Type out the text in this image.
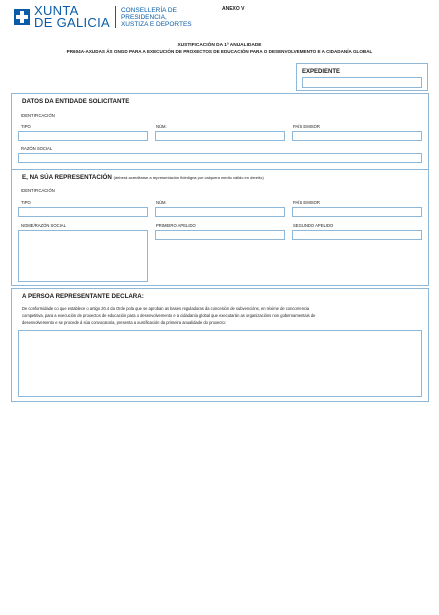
XUNTA
DE GALICIA
CONSELLERÍA DE
PRESIDENCIA,
XUSTIZA E DEPORTES
ANEXO V
XUSTIFICACIÓN DA 1ª ANUALIDADE
PR604A-AXUDAS ÁS ONGD PARA A EXECUCIÓN DE PROXECTOS DE EDUCACIÓN PARA O DESENVOLVEMENTO E A CIDADANÍA GLOBAL
EXPEDIENTE
DATOS DA ENTIDADE SOLICITANTE
IDENTIFICACIÓN
TIPO	NÚM.	PAÍS EMISOR
RAZÓN SOCIAL
E, NA SÚA REPRESENTACIÓN (deberá acreditarse a representación fidedigna por calquera medio válido en dereito)
IDENTIFICACIÓN
TIPO	NÚM.	PAÍS EMISOR
NOME/RAZÓN SOCIAL	PRIMEIRO APELIDO	SEGUNDO APELIDO
A PERSOA REPRESENTANTE DECLARA:
De conformidade co que establece o artigo 20.4 da Orde pola que se aproban as bases reguladoras da concesión de subvencións, en réxime de concorrencia
competitiva, para a execución de proxectos de educación para o desenvolvemento e a cidadanía global que executarán as organizacións non gobernamentais de
desenvolvemento e se procede á súa convocatoria, presenta a xustificación da primeira anualidade do proxecto:
